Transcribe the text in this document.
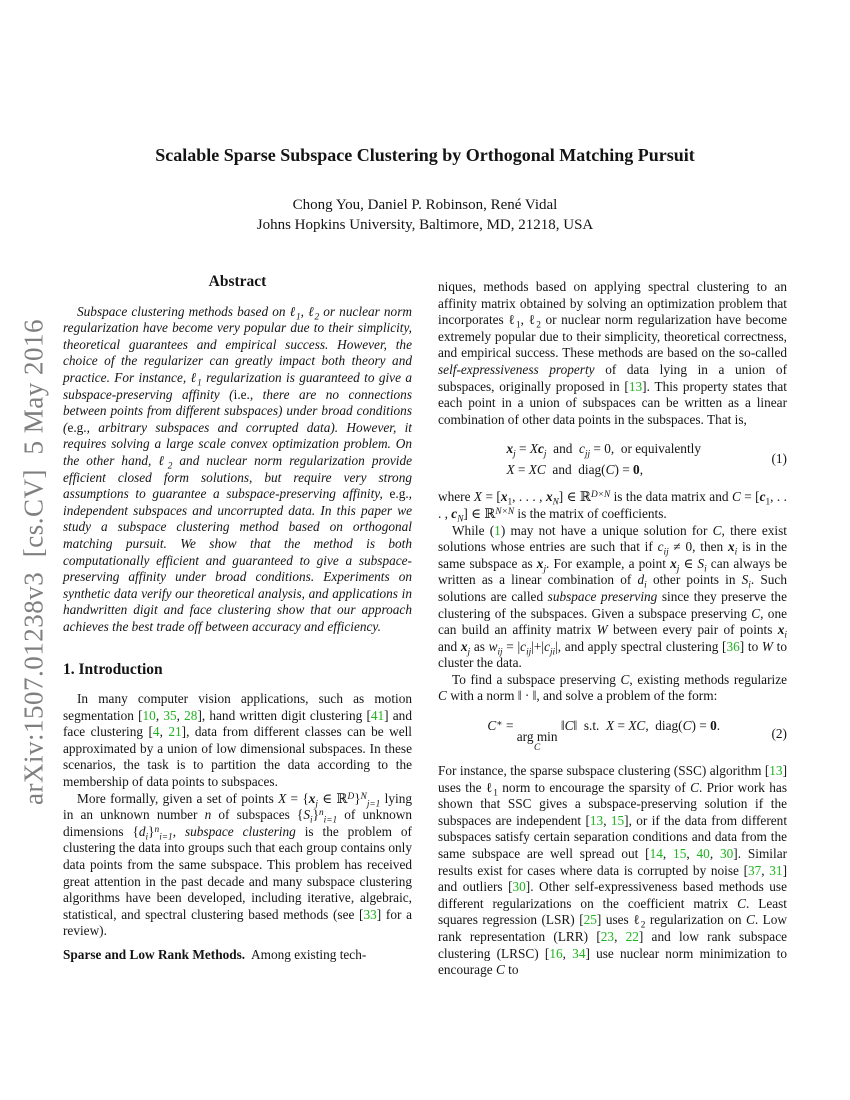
arXiv:1507.01238v3  [cs.CV]  5 May 2016
Scalable Sparse Subspace Clustering by Orthogonal Matching Pursuit
Chong You, Daniel P. Robinson, René Vidal
Johns Hopkins University, Baltimore, MD, 21218, USA
Abstract

Subspace clustering methods based on ℓ$_1$, ℓ$_2$ or nuclear norm regularization have become very popular due to their simplicity, theoretical guarantees and empirical success. However, the choice of the regularizer can greatly impact both theory and practice. For instance, ℓ$_1$ regularization is guaranteed to give a subspace-preserving affinity (i.e., there are no connections between points from different subspaces) under broad conditions (e.g., arbitrary subspaces and corrupted data). However, it requires solving a large scale convex optimization problem. On the other hand, ℓ$_2$ and nuclear norm regularization provide efficient closed form solutions, but require very strong assumptions to guarantee a subspace-preserving affinity, e.g., independent subspaces and uncorrupted data. In this paper we study a subspace clustering method based on orthogonal matching pursuit. We show that the method is both computationally efficient and guaranteed to give a subspace-preserving affinity under broad conditions. Experiments on synthetic data verify our theoretical analysis, and applications in handwritten digit and face clustering show that our approach achieves the best trade off between accuracy and efficiency.

1. Introduction

In many computer vision applications, such as motion segmentation [10, 35, 28], hand written digit clustering [41] and face clustering [4, 21], data from different classes can be well approximated by a union of low dimensional subspaces. In these scenarios, the task is to partition the data according to the membership of data points to subspaces.

More formally, given a set of points $X = \{x_j$ ∈ ℝ$^D$}$^N_{j=1}$ lying in an unknown number n of subspaces $\{S_i\}^n_{i=1}$ of unknown dimensions $\{d_i\}^n_{i=1}$, subspace clustering is the problem of clustering the data into groups such that each group contains only data points from the same subspace. This problem has received great attention in the past decade and many subspace clustering algorithms have been developed, including iterative, algebraic, statistical, and spectral clustering based methods (see [33] for a review).

Sparse and Low Rank Methods.  Among existing tech-

niques, methods based on applying spectral clustering to an affinity matrix obtained by solving an optimization problem that incorporates ℓ$_1$, ℓ$_2$ or nuclear norm regularization have become extremely popular due to their simplicity, theoretical correctness, and empirical success. These methods are based on the so-called self-expressiveness property of data lying in a union of subspaces, originally proposed in [13]. This property states that each point in a union of subspaces can be written as a linear combination of other data points in the subspaces. That is,

$x_j = Xc_j$  and  $c_{jj} = 0$,  or equivalently
X = XC  and  diag(C) = 0,
(1)

where $X = [x_1$, . . . , $x_N$] ∈ ℝ$^{D\times N}$ is the data matrix and $C = [c_1$, . . . , $c_N$] ∈ ℝ$^{N\times N}$ is the matrix of coefficients.

While (1) may not have a unique solution for C, there exist solutions whose entries are such that if $c_{ij} \ne 0$, then $x_i$ is in the same subspace as $x_j$. For example, a point $x_j$ ∈ $S_i$ can always be written as a linear combination of $d_i$ other points in $S_i$. Such solutions are called subspace preserving since they preserve the clustering of the subspaces. Given a subspace preserving C, one can build an affinity matrix W between every pair of points $x_i$ and $x_j$ as $w_{ij} = |c_{ij}|+|c_{ji}|$, and apply spectral clustering [36] to W to cluster the data.

To find a subspace preserving C, existing methods regularize C with a norm ‖ · ‖, and solve a problem of the form:

C∗ =
arg min
C
‖C‖  s.t.  X = XC,  diag(C) = 0.
(2)

For instance, the sparse subspace clustering (SSC) algorithm [13] uses the ℓ$_1$ norm to encourage the sparsity of C. Prior work has shown that SSC gives a subspace-preserving solution if the subspaces are independent [13, 15], or if the data from different subspaces satisfy certain separation conditions and data from the same subspace are well spread out [14, 15, 40, 30]. Similar results exist for cases where data is corrupted by noise [37, 31] and outliers [30]. Other self-expressiveness based methods use different regularizations on the coefficient matrix C. Least squares regression (LSR) [25] uses ℓ$_2$ regularization on C. Low rank representation (LRR) [23, 22] and low rank subspace clustering (LRSC) [16, 34] use nuclear norm minimization to encourage C to
